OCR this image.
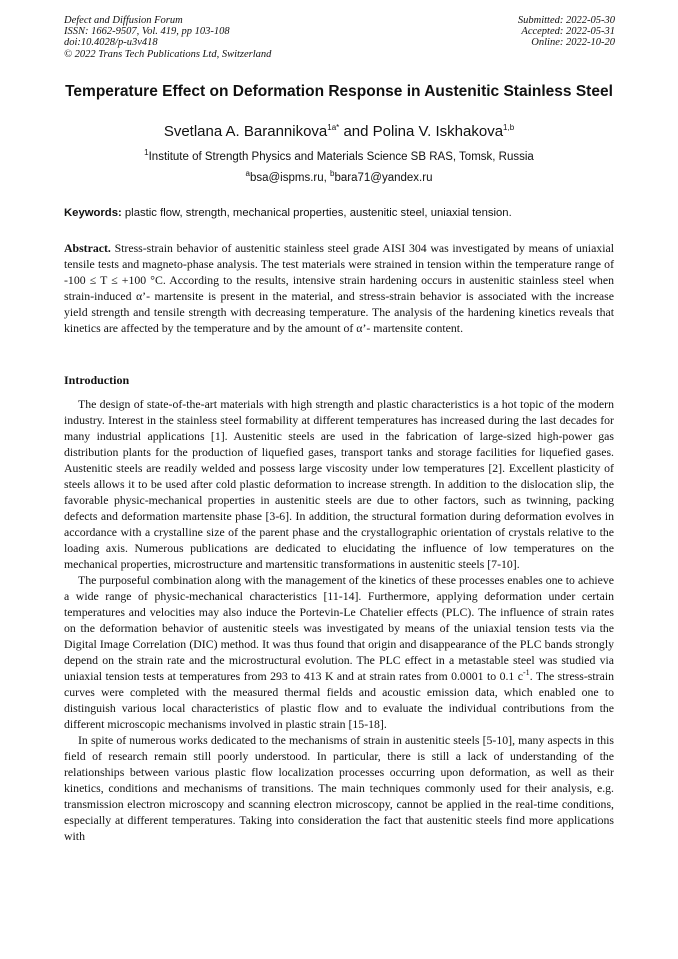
Defect and Diffusion Forum
ISSN: 1662-9507, Vol. 419, pp 103-108
doi:10.4028/p-u3v418
© 2022 Trans Tech Publications Ltd, Switzerland
Submitted: 2022-05-30
Accepted: 2022-05-31
Online: 2022-10-20
Temperature Effect on Deformation Response in Austenitic Stainless Steel
Svetlana A. Barannikova$^{1a*}$ and Polina V. Iskhakova$^{1,b}$
$^1$Institute of Strength Physics and Materials Science SB RAS, Tomsk, Russia
$^a$bsa@ispms.ru, $^b$bara71@yandex.ru
Keywords: plastic flow, strength, mechanical properties, austenitic steel, uniaxial tension.

Abstract. Stress-strain behavior of austenitic stainless steel grade AISI 304 was investigated by means of uniaxial tensile tests and magneto-phase analysis. The test materials were strained in tension within the temperature range of -100 ≤ T ≤ +100 °C. According to the results, intensive strain hardening occurs in austenitic stainless steel when strain-induced α’- martensite is present in the material, and stress-strain behavior is associated with the increase yield strength and tensile strength with decreasing temperature. The analysis of the hardening kinetics reveals that kinetics are affected by the temperature and by the amount of α’- martensite content.

Introduction

The design of state-of-the-art materials with high strength and plastic characteristics is a hot topic of the modern industry. Interest in the stainless steel formability at different temperatures has increased during the last decades for many industrial applications [1]. Austenitic steels are used in the fabrication of large-sized high-power gas distribution plants for the production of liquefied gases, transport tanks and storage facilities for liquefied gases. Austenitic steels are readily welded and possess large viscosity under low temperatures [2]. Excellent plasticity of steels allows it to be used after cold plastic deformation to increase strength. In addition to the dislocation slip, the favorable physic-mechanical properties in austenitic steels are due to other factors, such as twinning, packing defects and deformation martensite phase [3-6]. In addition, the structural formation during deformation evolves in accordance with a crystalline size of the parent phase and the crystallographic orientation of crystals relative to the loading axis. Numerous publications are dedicated to elucidating the influence of low temperatures on the mechanical properties, microstructure and martensitic transformations in austenitic steels [7-10].

The purposeful combination along with the management of the kinetics of these processes enables one to achieve a wide range of physic-mechanical characteristics [11-14]. Furthermore, applying deformation under certain temperatures and velocities may also induce the Portevin-Le Chatelier effects (PLC). The influence of strain rates on the deformation behavior of austenitic steels was investigated by means of the uniaxial tension tests via the Digital Image Correlation (DIC) method. It was thus found that origin and disappearance of the PLC bands strongly depend on the strain rate and the microstructural evolution. The PLC effect in a metastable steel was studied via uniaxial tension tests at temperatures from 293 to 413 K and at strain rates from 0.0001 to 0.1 $c^{-1}$. The stress-strain curves were completed with the measured thermal fields and acoustic emission data, which enabled one to distinguish various local characteristics of plastic flow and to evaluate the individual contributions from the different microscopic mechanisms involved in plastic strain [15-18].

In spite of numerous works dedicated to the mechanisms of strain in austenitic steels [5-10], many aspects in this field of research remain still poorly understood. In particular, there is still a lack of understanding of the relationships between various plastic flow localization processes occurring upon deformation, as well as their kinetics, conditions and mechanisms of transitions. The main techniques commonly used for their analysis, e.g. transmission electron microscopy and scanning electron microscopy, cannot be applied in the real-time conditions, especially at different temperatures. Taking into consideration the fact that austenitic steels find more applications with
